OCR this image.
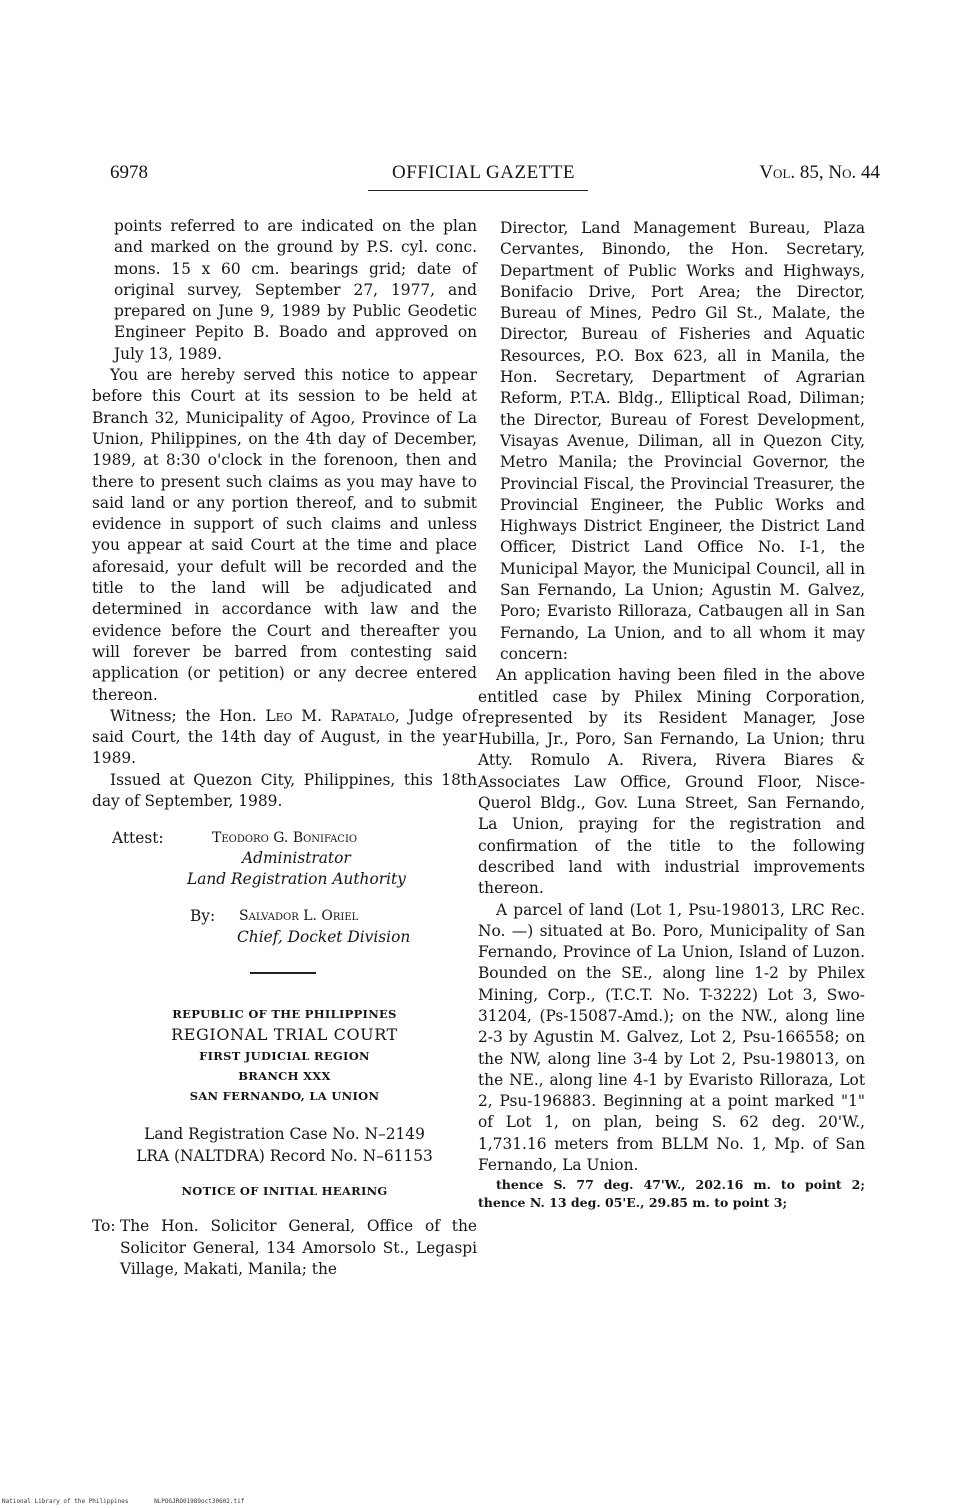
6978	OFFICIAL GAZETTE	Vol. 85, No. 44

points referred to are indicated on the plan and marked on the ground by P.S. cyl. conc. mons. 15 x 60 cm. bearings grid; date of original survey, September 27, 1977, and prepared on June 9, 1989 by Public Geodetic Engineer Pepito B. Boado and approved on July 13, 1989.

You are hereby served this notice to appear before this Court at its session to be held at Branch 32, Municipality of Agoo, Province of La Union, Philippines, on the 4th day of December, 1989, at 8:30 o'clock in the forenoon, then and there to present such claims as you may have to said land or any portion thereof, and to submit evidence in support of such claims and unless you appear at said Court at the time and place aforesaid, your defult will be recorded and the title to the land will be adjudicated and determined in accordance with law and the evidence before the Court and thereafter you will forever be barred from contesting said application (or petition) or any decree entered thereon.

Witness; the Hon. Leo M. Rapatalo, Judge of said Court, the 14th day of August, in the year 1989.

Issued at Quezon City, Philippines, this 18th day of September, 1989.

Attest:	Teodoro G. Bonifacio
Administrator
Land Registration Authority
By: Salvador L. Oriel
Chief, Docket Division
REPUBLIC OF THE PHILIPPINES
REGIONAL TRIAL COURT
FIRST JUDICIAL REGION
BRANCH XXX
SAN FERNANDO, LA UNION
Land Registration Case No. N–2149
LRA (NALTDRA) Record No. N–61153
NOTICE OF INITIAL HEARING
To: The Hon. Solicitor General, Office of the Solicitor General, 134 Amorsolo St., Legaspi Village, Makati, Manila; the

Director, Land Management Bureau, Plaza Cervantes, Binondo, the Hon. Secretary, Department of Public Works and Highways, Bonifacio Drive, Port Area; the Director, Bureau of Mines, Pedro Gil St., Malate, the Director, Bureau of Fisheries and Aquatic Resources, P.O. Box 623, all in Manila, the Hon. Secretary, Department of Agrarian Reform, P.T.A. Bldg., Elliptical Road, Diliman; the Director, Bureau of Forest Development, Visayas Avenue, Diliman, all in Quezon City, Metro Manila; the Provincial Governor, the Provincial Fiscal, the Provincial Treasurer, the Provincial Engineer, the Public Works and Highways District Engineer, the District Land Officer, District Land Office No. I-1, the Municipal Mayor, the Municipal Council, all in San Fernando, La Union; Agustin M. Galvez, Poro; Evaristo Rilloraza, Catbaugen all in San Fernando, La Union, and to all whom it may concern:

An application having been filed in the above entitled case by Philex Mining Corporation, represented by its Resident Manager, Jose Hubilla, Jr., Poro, San Fernando, La Union; thru Atty. Romulo A. Rivera, Rivera Biares & Associates Law Office, Ground Floor, Nisce-Querol Bldg., Gov. Luna Street, San Fernando, La Union, praying for the registration and confirmation of the title to the following described land with industrial improvements thereon.

A parcel of land (Lot 1, Psu-198013, LRC Rec. No. —) situated at Bo. Poro, Municipality of San Fernando, Province of La Union, Island of Luzon. Bounded on the SE., along line 1-2 by Philex Mining, Corp., (T.C.T. No. T-3222) Lot 3, Swo-31204, (Ps-15087-Amd.); on the NW., along line 2-3 by Agustin M. Galvez, Lot 2, Psu-166558; on the NW, along line 3-4 by Lot 2, Psu-198013, on the NE., along line 4-1 by Evaristo Rilloraza, Lot 2, Psu-196883. Beginning at a point marked "1" of Lot 1, on plan, being S. 62 deg. 20'W., 1,731.16 meters from BLLM No. 1, Mp. of San Fernando, La Union.

thence S. 77 deg. 47'W., 202.16 m. to point 2; thence N. 13 deg. 05'E., 29.85 m. to point 3;

National Library of the Philippines	NLPOGJRO01989oct30602.tif
